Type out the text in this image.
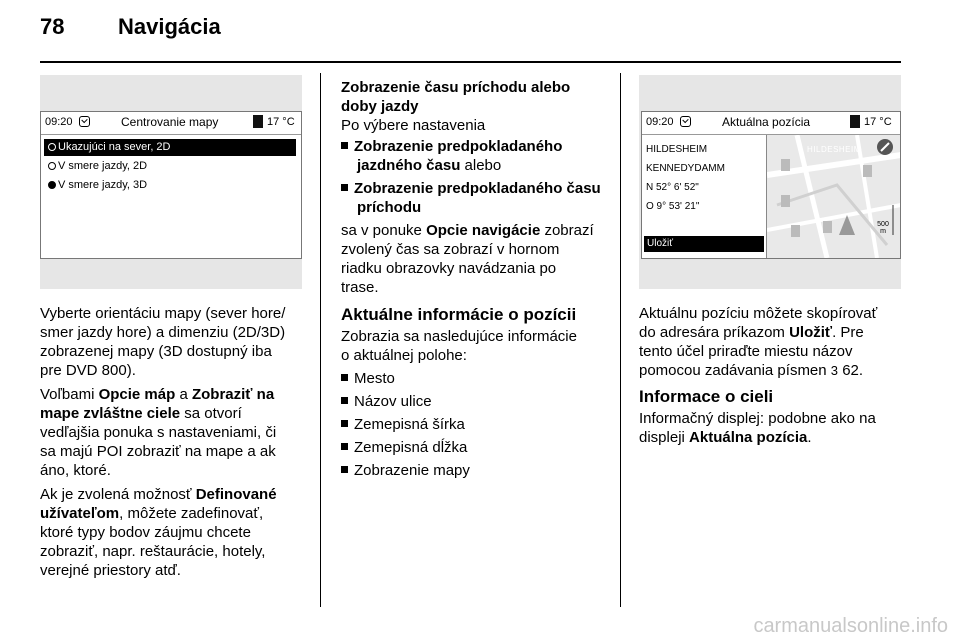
78 Navigácia
09:20	Centrovanie mapy	17 °C
Ukazujúci na sever, 2D
V smere jazdy, 2D
V smere jazdy, 3D

Vyberte orientáciu mapy (sever hore/

smer jazdy hore) a dimenziu (2D/3D)

zobrazenej mapy (3D dostupný iba

pre DVD 800).

Voľbami Opcie máp a Zobraziť na

mape zvláštne ciele sa otvorí

vedľajšia ponuka s nastaveniami, či

sa majú POI zobraziť na mape a ak

áno, ktoré.

Ak je zvolená možnosť Definované

užívateľom, môžete zadefinovať,

ktoré typy bodov záujmu chcete

zobraziť, napr. reštaurácie, hotely,

verejné priestory atď.

Zobrazenie času príchodu alebo

doby jazdy

Po výbere nastavenia

Zobrazenie predpokladaného

jazdného času alebo

Zobrazenie predpokladaného času

príchodu

sa v ponuke Opcie navigácie zobrazí

zvolený čas sa zobrazí v hornom

riadku obrazovky navádzania po

trase.

Aktuálne informácie o pozícii

Zobrazia sa nasledujúce informácie

o aktuálnej polohe:

Mesto

Názov ulice

Zemepisná šírka

Zemepisná dĺžka

Zobrazenie mapy

09:20	Aktuálna pozícia	17 °C
HILDESHEIM
KENNEDYDAMM
N 52° 6' 52"
O 9° 53' 21"
Uložiť
HILDESHEIM
500 m

Aktuálnu pozíciu môžete skopírovať

do adresára príkazom Uložiť. Pre

tento účel priraďte miestu názov

pomocou zadávania písmen 3 62.

Informace o cieli

Informačný displej: podobne ako na

displeji Aktuálna pozícia.

carmanualsonline.info
